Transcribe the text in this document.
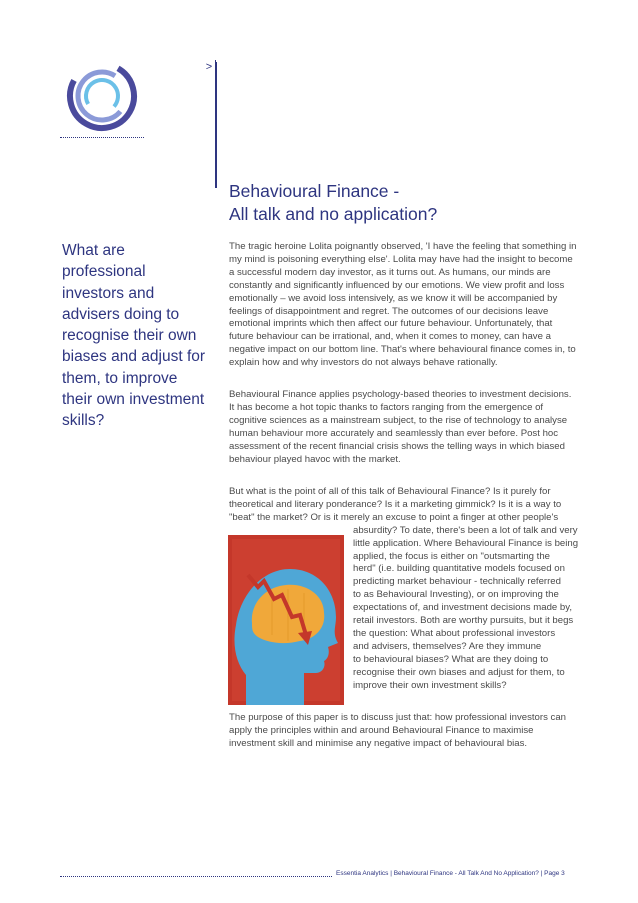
>
Behavioural Finance -
All talk and no application?

What are professional investors and advisers doing to recognise their own biases and adjust for them, to improve their own investment skills?

The tragic heroine Lolita poignantly observed, 'I have the feeling that something in my mind is poisoning everything else'. Lolita may have had the insight to become a successful modern day investor, as it turns out. As humans, our minds are constantly and significantly influenced by our emotions. We view profit and loss emotionally – we avoid loss intensively, as we know it will be accompanied by feelings of disappointment and regret. The outcomes of our decisions leave emotional imprints which then affect our future behaviour. Unfortunately, that future behaviour can be irrational, and, when it comes to money, can have a negative impact on our bottom line. That's where behavioural finance comes in, to explain how and why investors do not always behave rationally.

Behavioural Finance applies psychology-based theories to investment decisions. It has become a hot topic thanks to factors ranging from the emergence of cognitive sciences as a mainstream subject, to the rise of technology to analyse human behaviour more accurately and seamlessly than ever before. Post hoc assessment of the recent financial crisis shows the telling ways in which biased behaviour played havoc with the market.

But what is the point of all of this talk of Behavioural Finance? Is it purely for
theoretical and literary ponderance? Is it a marketing gimmick? Is it is a way to
"beat" the market? Or is it merely an excuse to point a finger at other people's
absurdity? To date, there's been a lot of talk and very
little application. Where Behavioural Finance is being
applied, the focus is either on "outsmarting the
herd" (i.e. building quantitative models focused on
predicting market behaviour - technically referred
to as Behavioural Investing), or on improving the
expectations of, and investment decisions made by,
retail investors. Both are worthy pursuits, but it begs
the question: What about professional investors
and advisers, themselves? Are they immune
to behavioural biases? What are they doing to
recognise their own biases and adjust for them, to
improve their own investment skills?

The purpose of this paper is to discuss just that: how professional investors can apply the principles within and around Behavioural Finance to maximise investment skill and minimise any negative impact of behavioural bias.

Essentia Analytics | Behavioural Finance - All Talk And No Application? | Page 3
